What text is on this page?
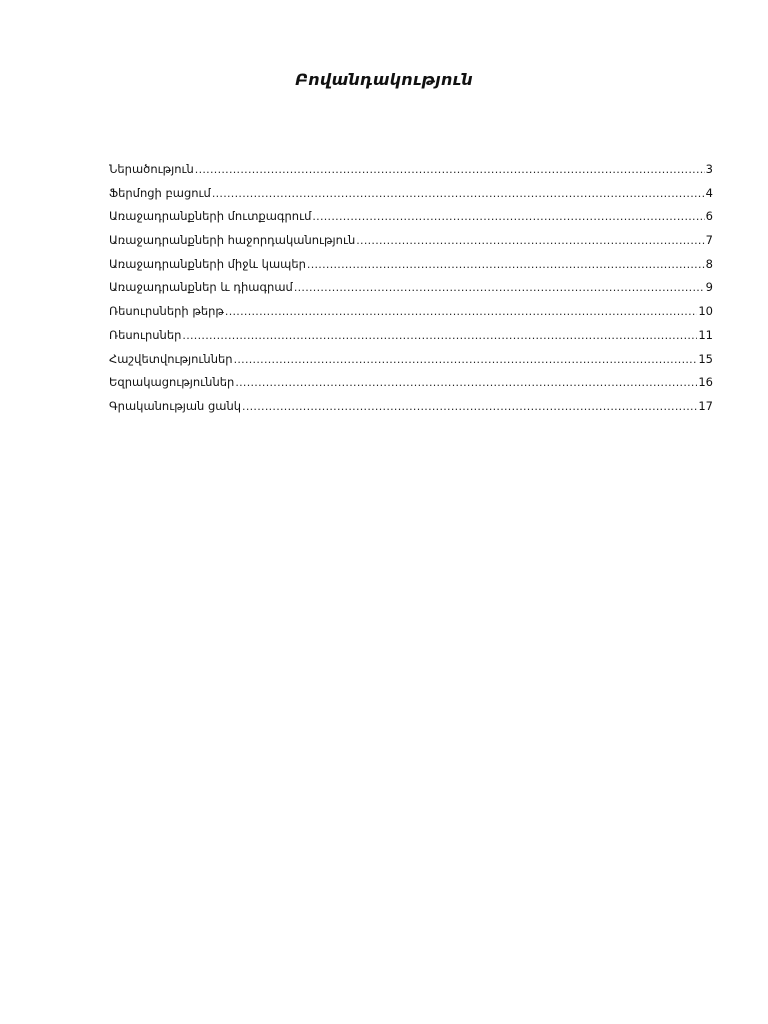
Բովանդակություն
Ներածություն .....	3
Ֆերմոցի բացում .....	4
Առաջադրանքների մուտքագրում .....	6
Առաջադրանքների հաջորդականություն .....	7
Առաջադրանքների միջև կապեր .....	8
Առաջադրանքներ և դիագրամ .....	9
Ռեսուրսների թերթ .....	10
Ռեսուրսներ .....	11
Հաշվետվություններ .....	15
Եզրակացություններ .....	16
Գրականության ցանկ .....	17
